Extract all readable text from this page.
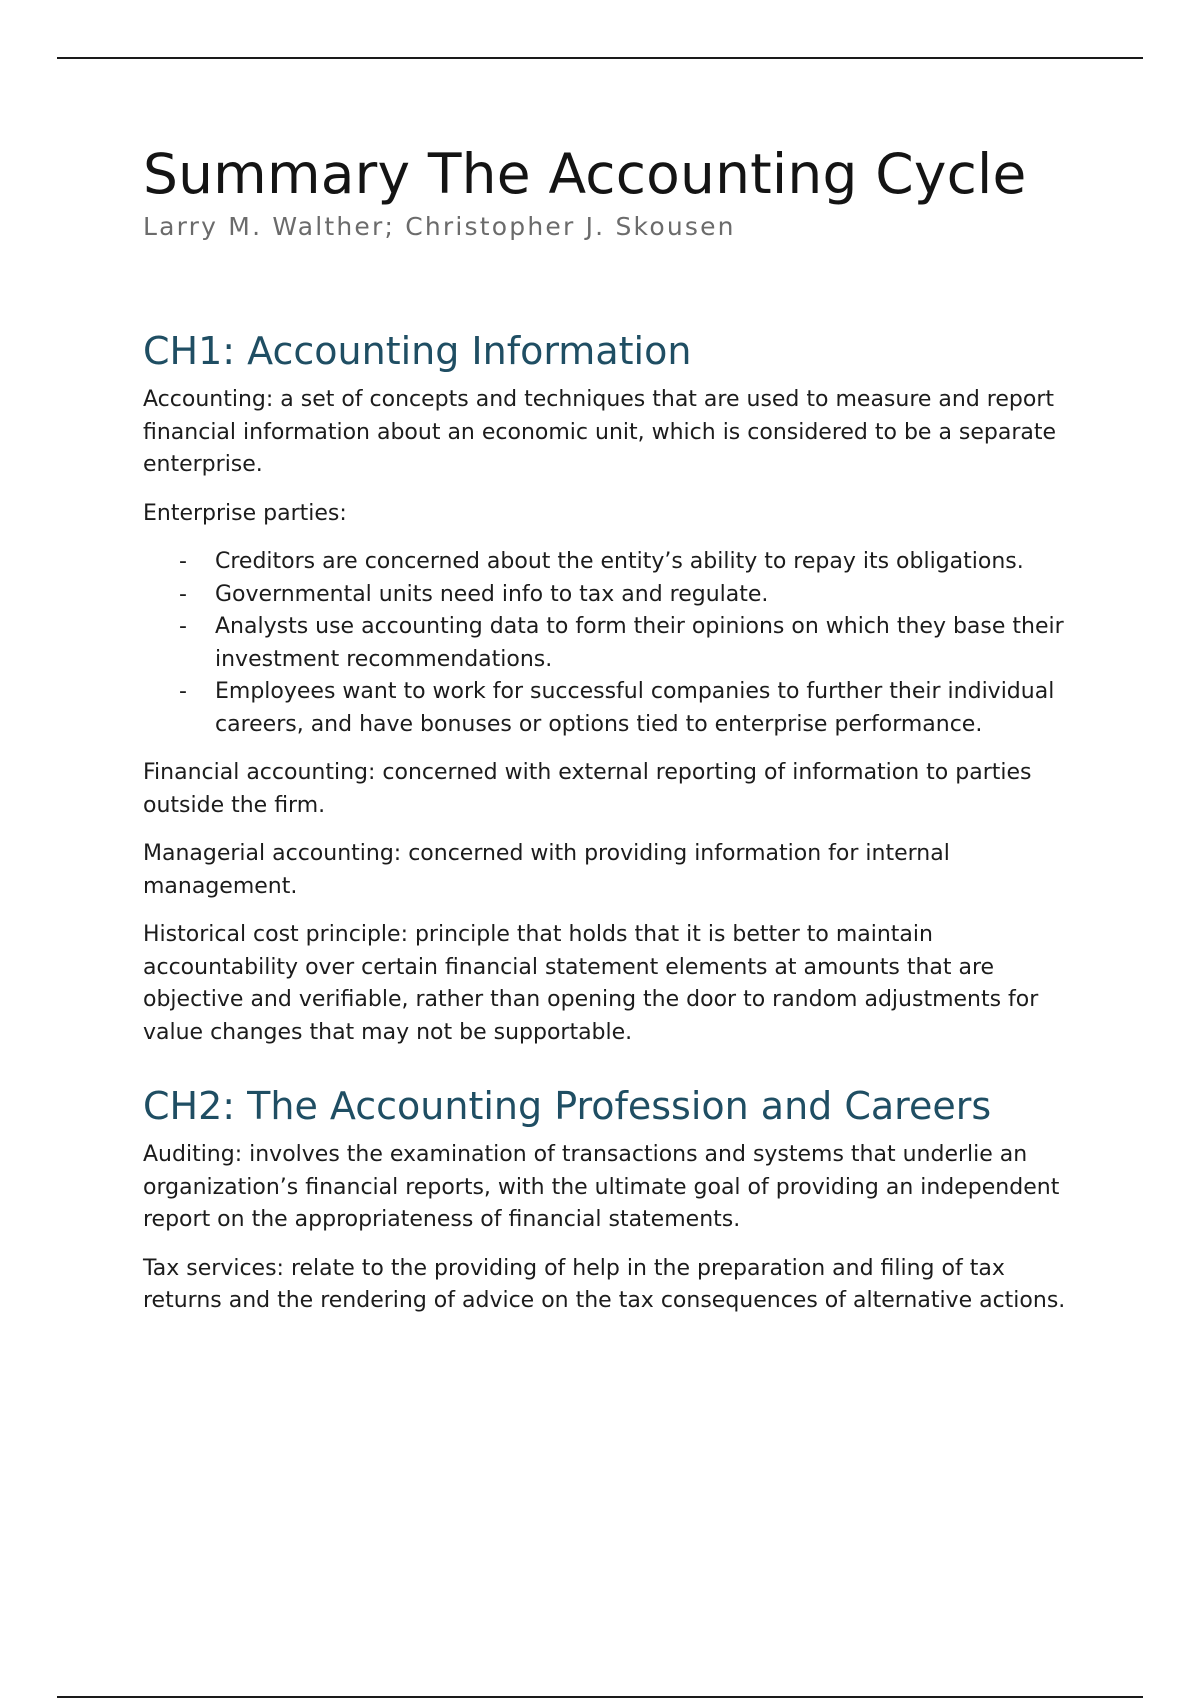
Summary The Accounting Cycle
Larry M. Walther; Christopher J. Skousen
CH1: Accounting Information

Accounting: a set of concepts and techniques that are used to measure and report financial information about an economic unit, which is considered to be a separate enterprise.

Enterprise parties:

- Creditors are concerned about the entity’s ability to repay its obligations.
- Governmental units need info to tax and regulate.
- Analysts use accounting data to form their opinions on which they base their investment recommendations.
- Employees want to work for successful companies to further their individual careers, and have bonuses or options tied to enterprise performance.

Financial accounting: concerned with external reporting of information to parties outside the firm.

Managerial accounting: concerned with providing information for internal management.

Historical cost principle: principle that holds that it is better to maintain accountability over certain financial statement elements at amounts that are objective and verifiable, rather than opening the door to random adjustments for value changes that may not be supportable.

CH2: The Accounting Profession and Careers

Auditing: involves the examination of transactions and systems that underlie an organization’s financial reports, with the ultimate goal of providing an independent report on the appropriateness of financial statements.

Tax services: relate to the providing of help in the preparation and filing of tax returns and the rendering of advice on the tax consequences of alternative actions.
